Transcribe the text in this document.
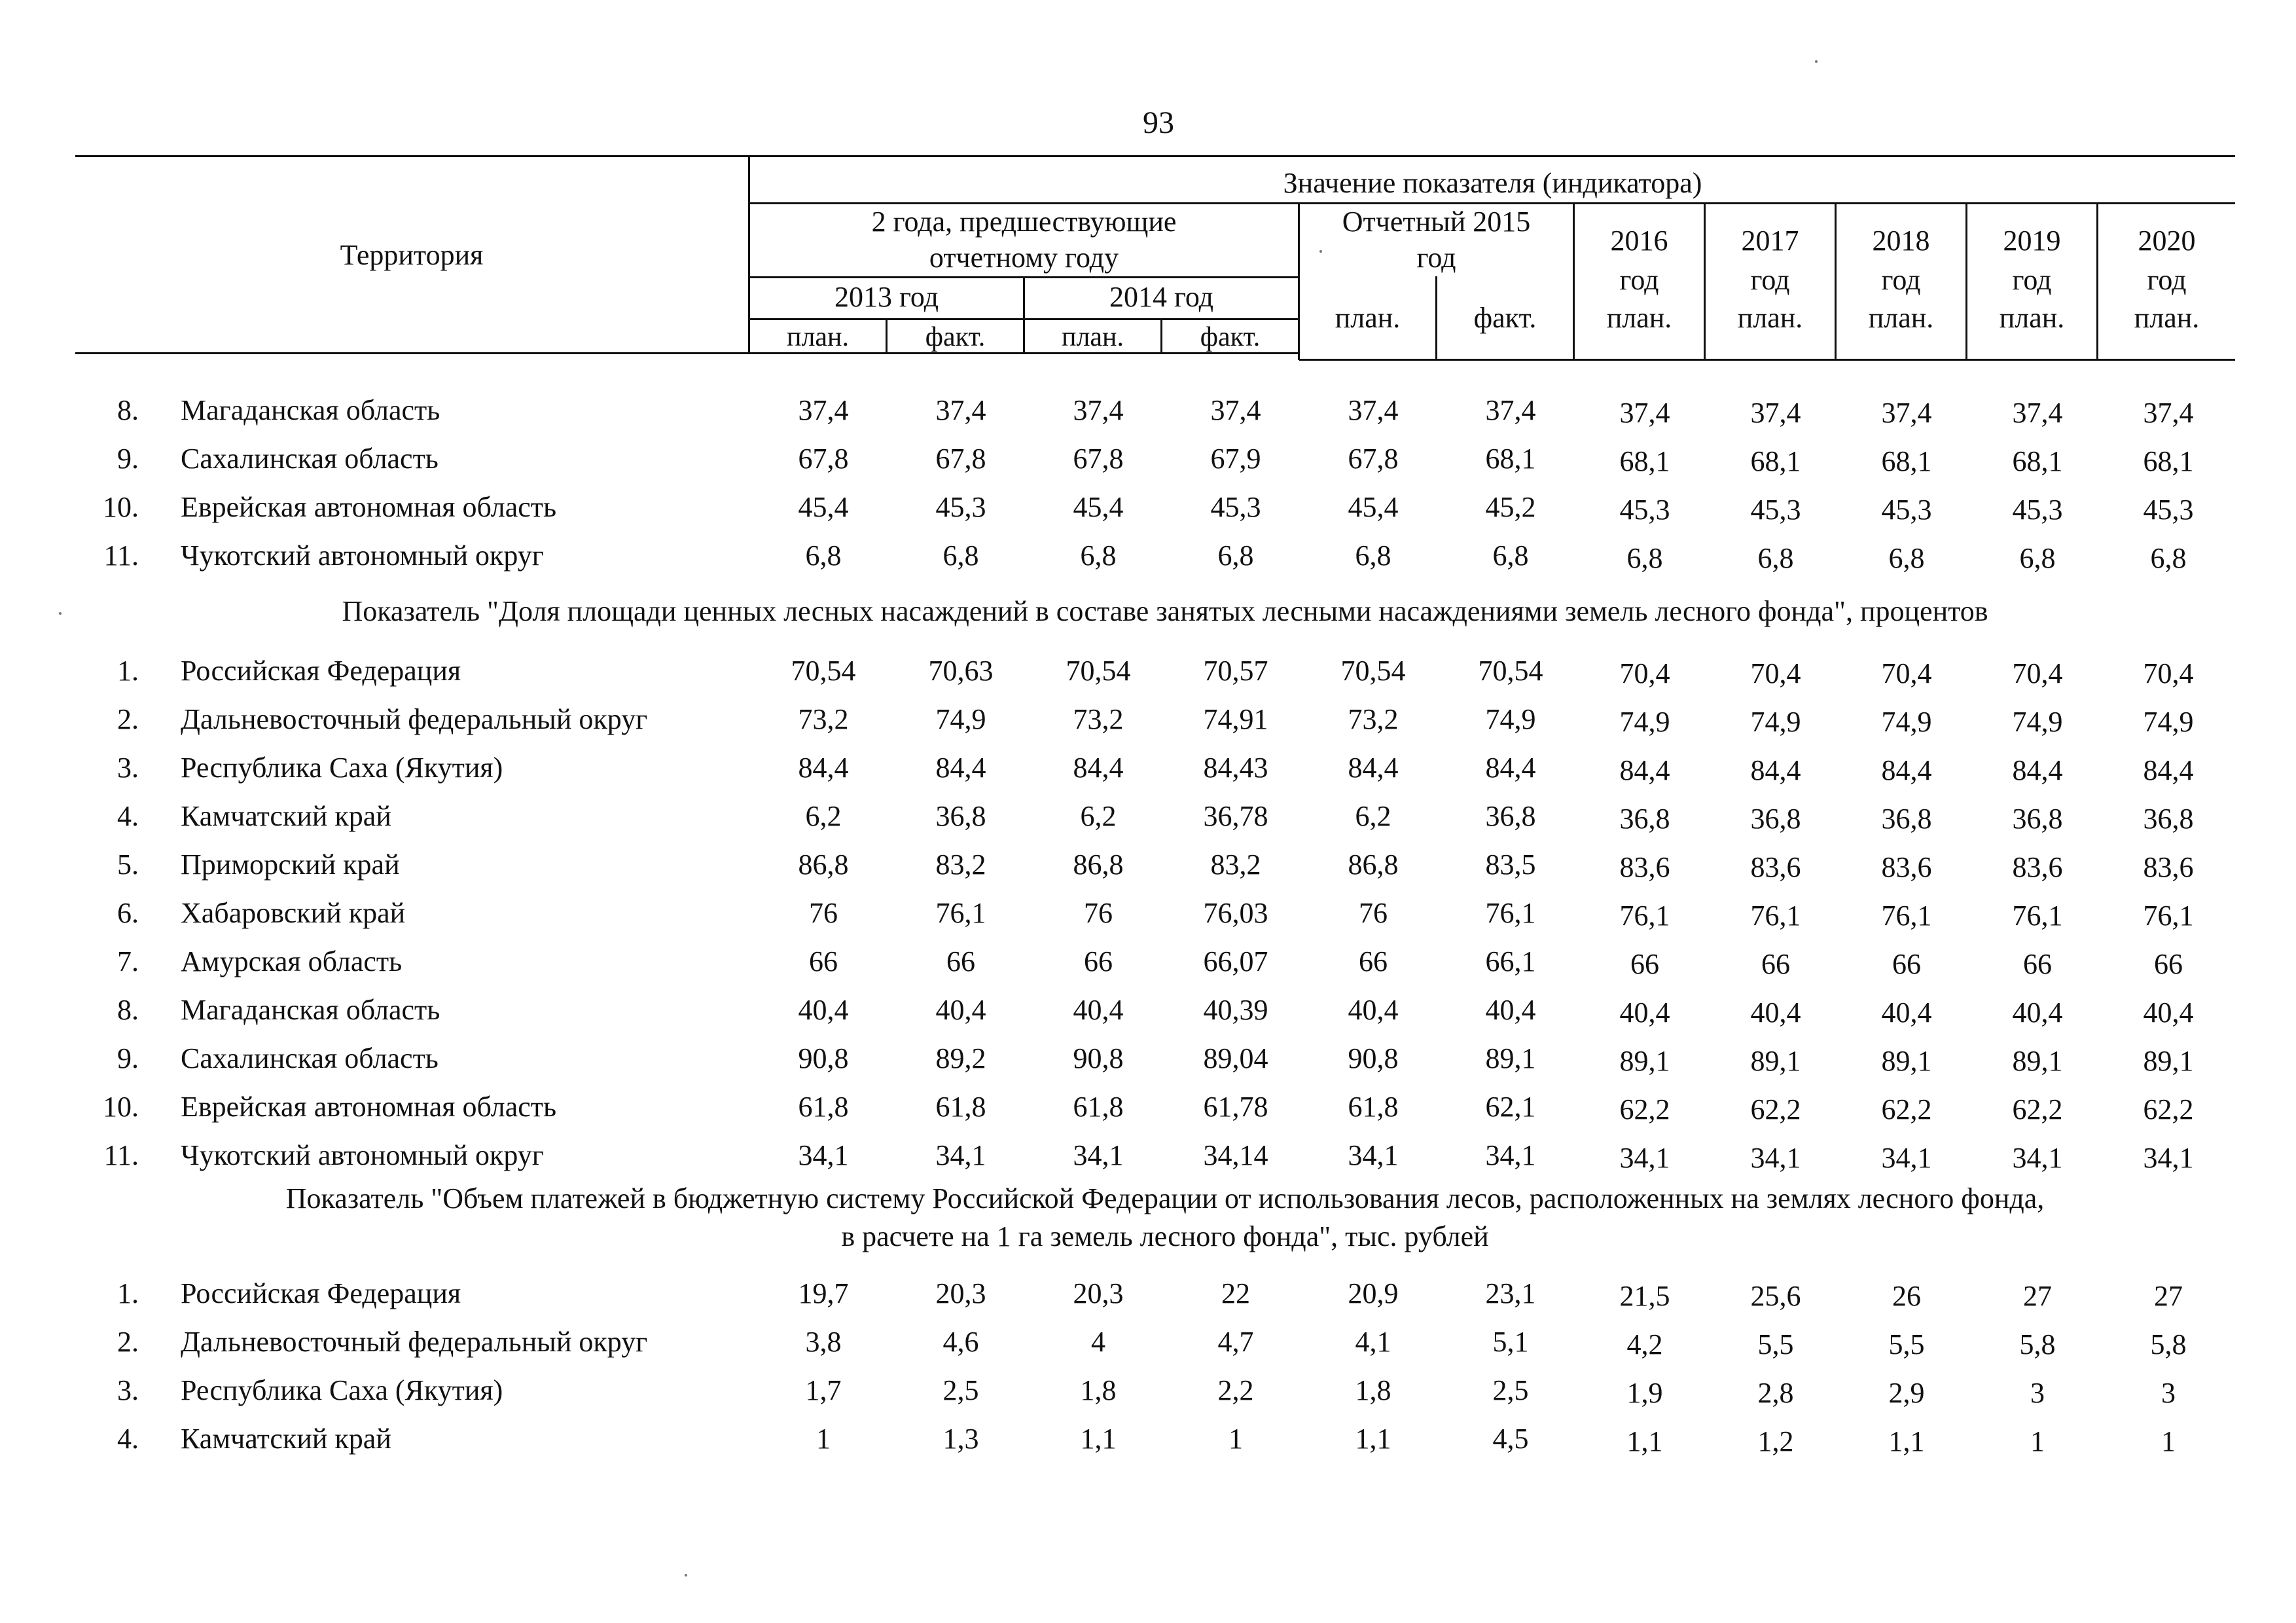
93
Территория
Значение показателя (индикатора)
2 года, предшествующие
отчетному году
2013 год	2014 год
план.	факт.	план.	факт.
Отчетный 2015
год
план.	факт.
2016
год
план.
2017
год
план.
2018
год
план.
2019
год
план.
2020
год
план.
8. Магаданская область	37,4	37,4	37,4	37,4	37,4	37,4	37,4	37,4	37,4	37,4	37,4
9. Сахалинская область	67,8	67,8	67,8	67,9	67,8	68,1	68,1	68,1	68,1	68,1	68,1
10. Еврейская автономная область	45,4	45,3	45,4	45,3	45,4	45,2	45,3	45,3	45,3	45,3	45,3
11. Чукотский автономный округ	6,8	6,8	6,8	6,8	6,8	6,8	6,8	6,8	6,8	6,8	6,8
Показатель "Доля площади ценных лесных насаждений в составе занятых лесными насаждениями земель лесного фонда", процентов
1. Российская Федерация	70,54	70,63	70,54	70,57	70,54	70,54	70,4	70,4	70,4	70,4	70,4
2. Дальневосточный федеральный округ	73,2	74,9	73,2	74,91	73,2	74,9	74,9	74,9	74,9	74,9	74,9
3. Республика Саха (Якутия)	84,4	84,4	84,4	84,43	84,4	84,4	84,4	84,4	84,4	84,4	84,4
4. Камчатский край	6,2	36,8	6,2	36,78	6,2	36,8	36,8	36,8	36,8	36,8	36,8
5. Приморский край	86,8	83,2	86,8	83,2	86,8	83,5	83,6	83,6	83,6	83,6	83,6
6. Хабаровский край	76	76,1	76	76,03	76	76,1	76,1	76,1	76,1	76,1	76,1
7. Амурская область	66	66	66	66,07	66	66,1	66	66	66	66	66
8. Магаданская область	40,4	40,4	40,4	40,39	40,4	40,4	40,4	40,4	40,4	40,4	40,4
9. Сахалинская область	90,8	89,2	90,8	89,04	90,8	89,1	89,1	89,1	89,1	89,1	89,1
10. Еврейская автономная область	61,8	61,8	61,8	61,78	61,8	62,1	62,2	62,2	62,2	62,2	62,2
11. Чукотский автономный округ	34,1	34,1	34,1	34,14	34,1	34,1	34,1	34,1	34,1	34,1	34,1
Показатель "Объем платежей в бюджетную систему Российской Федерации от использования лесов, расположенных на землях лесного фонда,
в расчете на 1 га земель лесного фонда", тыс. рублей
1. Российская Федерация	19,7	20,3	20,3	22	20,9	23,1	21,5	25,6	26	27	27
2. Дальневосточный федеральный округ	3,8	4,6	4	4,7	4,1	5,1	4,2	5,5	5,5	5,8	5,8
3. Республика Саха (Якутия)	1,7	2,5	1,8	2,2	1,8	2,5	1,9	2,8	2,9	3	3
4. Камчатский край	1	1,3	1,1	1	1,1	4,5	1,1	1,2	1,1	1	1
